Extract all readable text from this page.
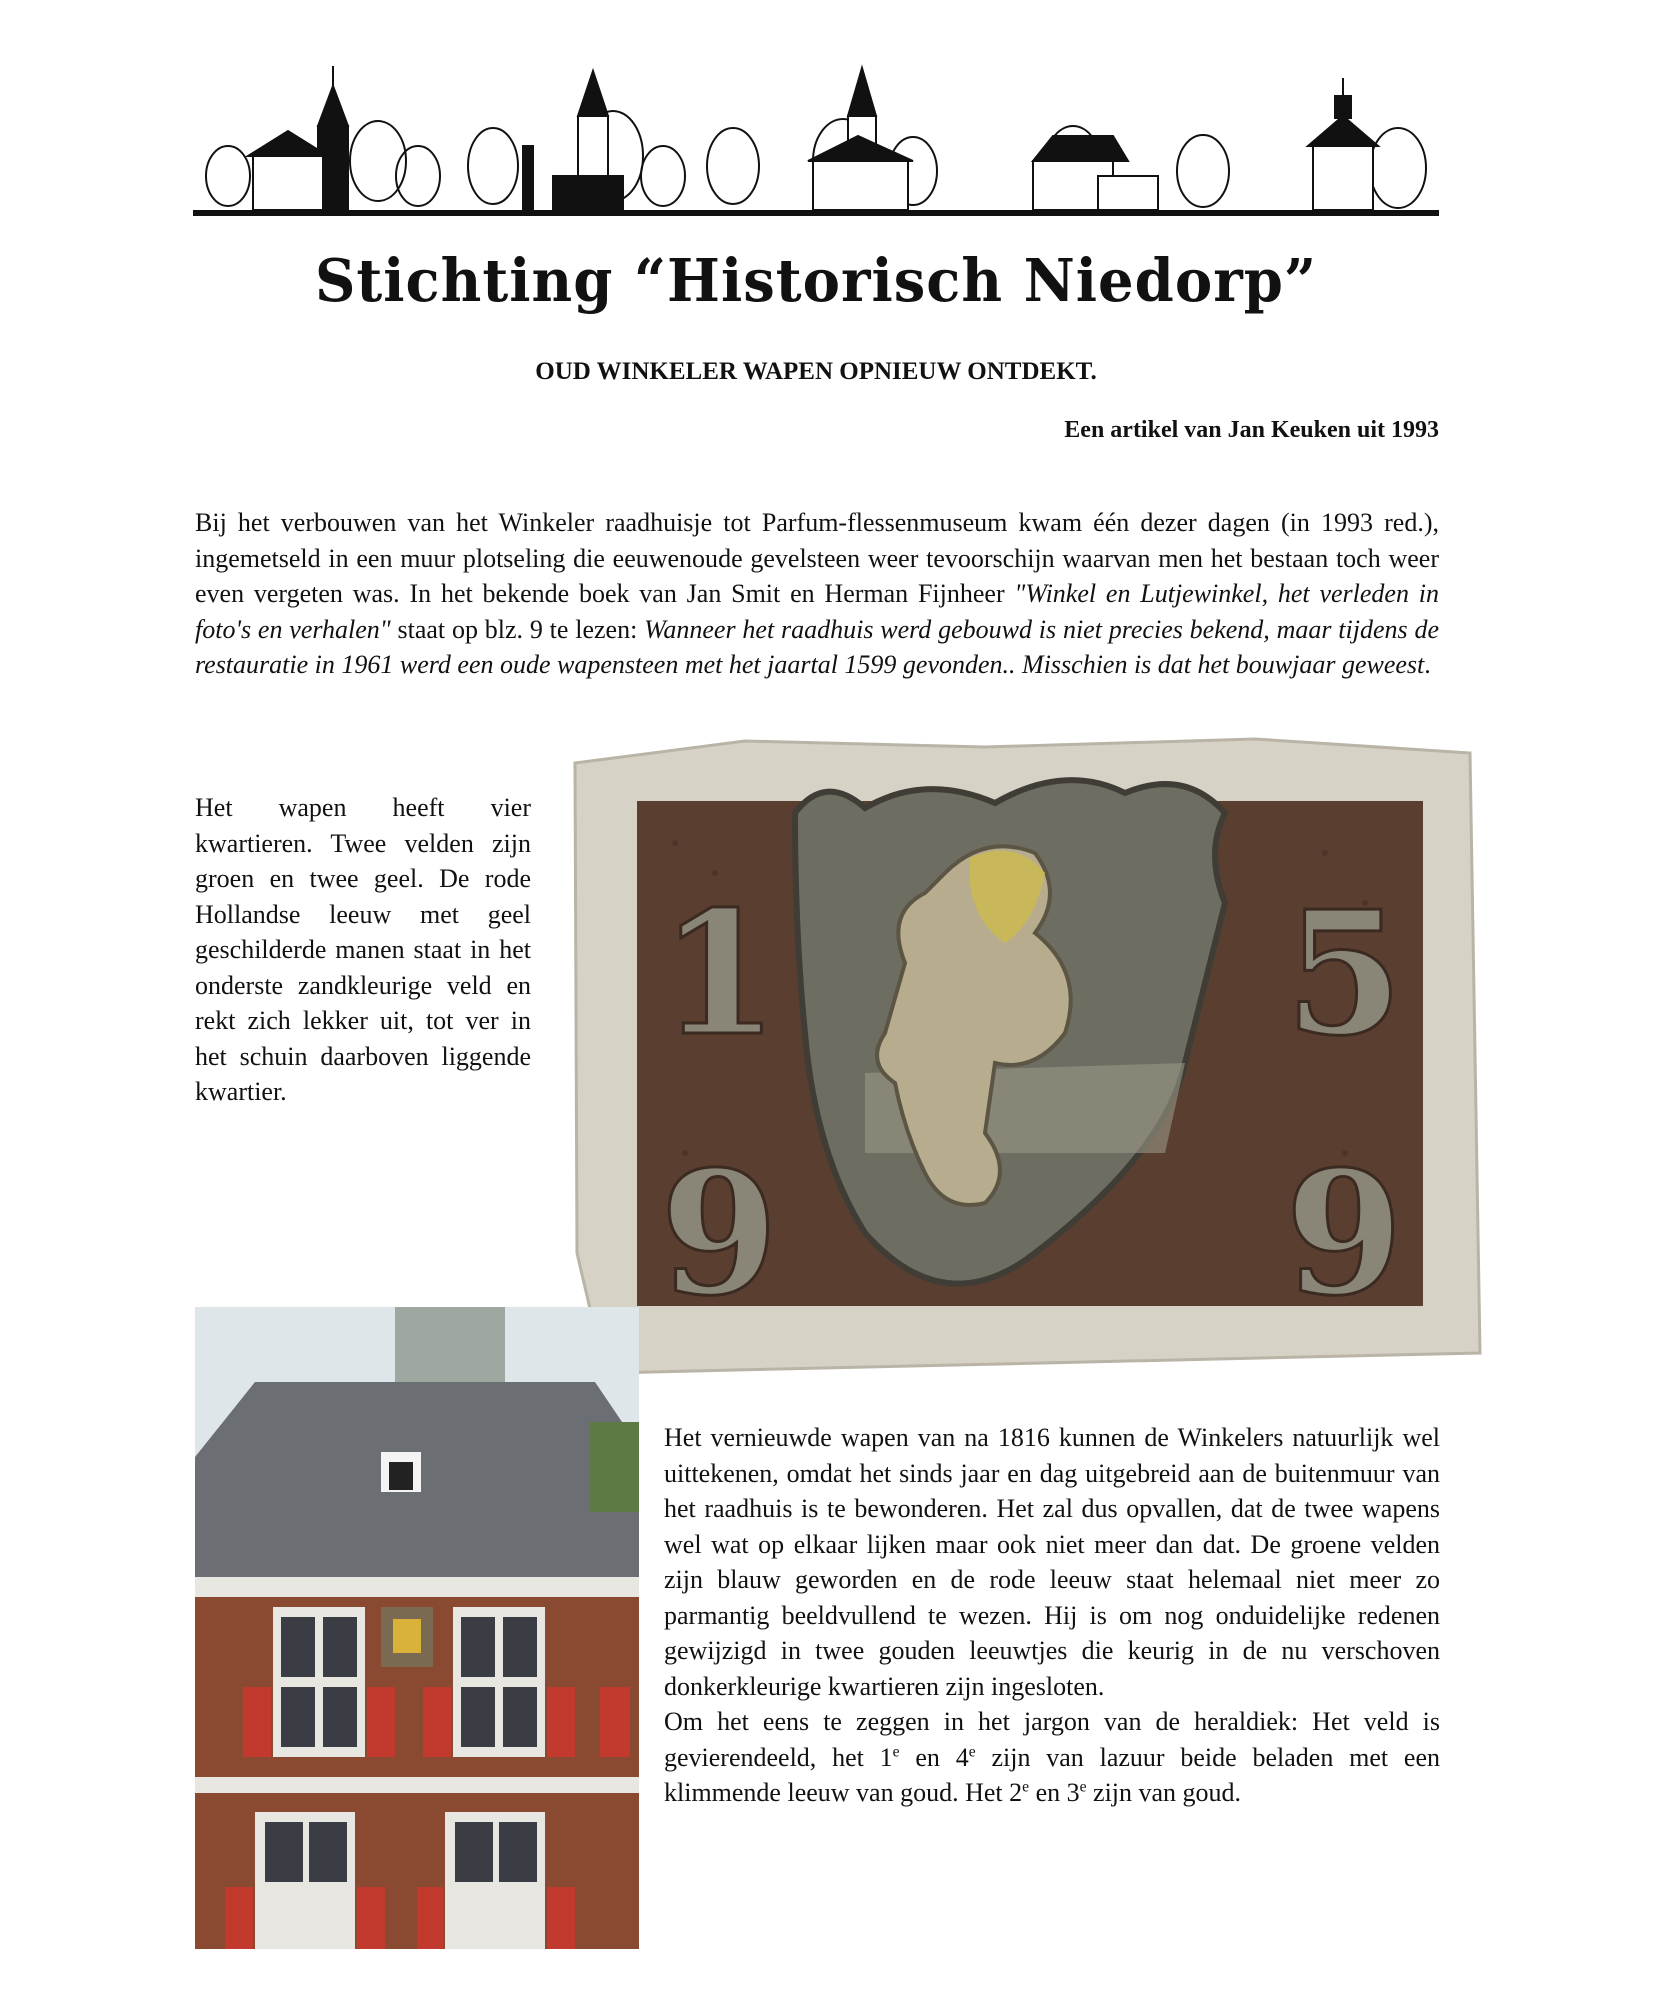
Stichting “Historisch Niedorp”
OUD WINKELER WAPEN OPNIEUW ONTDEKT.
Een artikel van Jan Keuken uit 1993
Bij het verbouwen van het Winkeler raadhuisje tot Parfum-flessenmuseum kwam één dezer dagen (in 1993 red.), ingemetseld in een muur plotseling die eeuwenoude gevelsteen weer tevoorschijn waarvan men het bestaan toch weer even vergeten was. In het bekende boek van Jan Smit en Herman Fijnheer "Winkel en Lutjewinkel, het verleden in foto's en verhalen" staat op blz. 9 te lezen: Wanneer het raadhuis werd gebouwd is niet precies bekend, maar tijdens de restauratie in 1961 werd een oude wapensteen met het jaartal 1599 gevonden.. Misschien is dat het bouwjaar geweest.
1	5
9	9
Het wapen heeft vier kwartieren. Twee velden zijn groen en twee geel. De rode Hollandse leeuw met geel geschilderde manen staat in het onderste zandkleurige veld en rekt zich lekker uit, tot ver in het schuin daarboven liggende kwartier.
Het vernieuwde wapen van na 1816 kunnen de Winkelers natuurlijk wel uittekenen, omdat het sinds jaar en dag uitgebreid aan de buitenmuur van het raadhuis is te bewonderen. Het zal dus opvallen, dat de twee wapens wel wat op elkaar lijken maar ook niet meer dan dat. De groene velden zijn blauw geworden en de rode leeuw staat helemaal niet meer zo parmantig beeldvullend te wezen. Hij is om nog onduidelijke redenen gewijzigd in twee gouden leeuwtjes die keurig in de nu verschoven donkerkleurige kwartieren zijn ingesloten.
Om het eens te zeggen in het jargon van de heraldiek: Het veld is gevierendeeld, het 1e en 4e zijn van lazuur beide beladen met een klimmende leeuw van goud. Het 2e en 3e zijn van goud.
